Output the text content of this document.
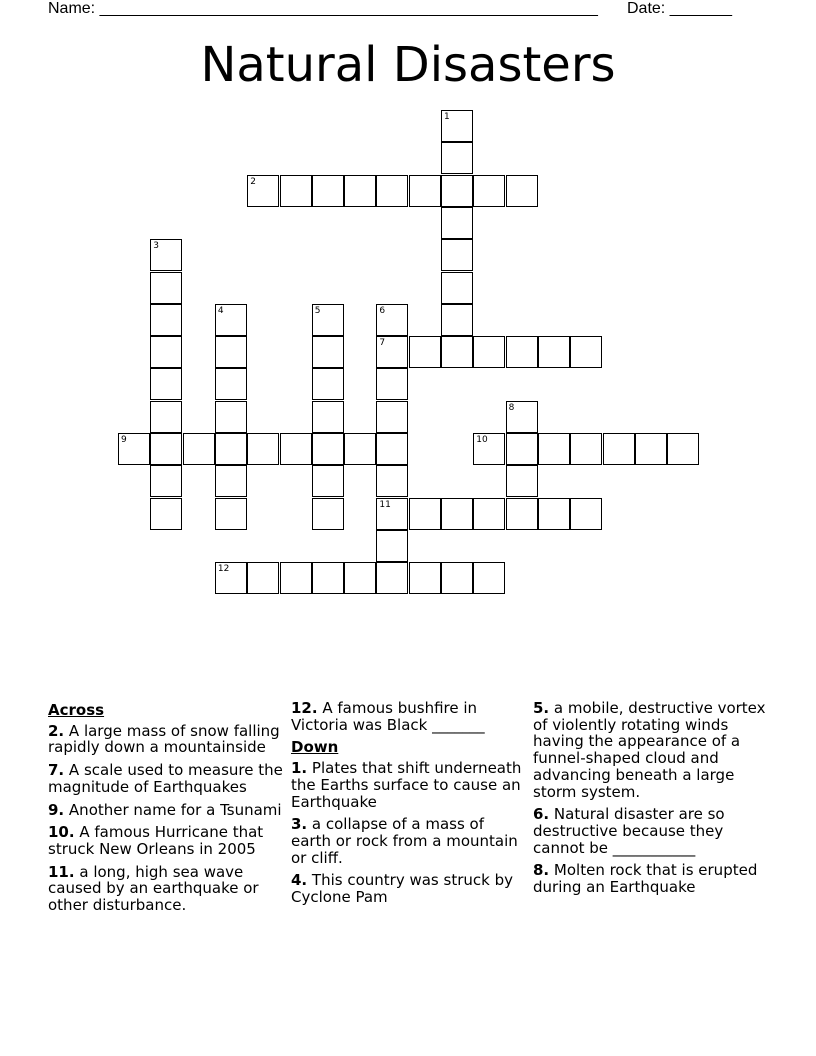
Name: ________________________________________________________ Date: _______
Natural Disasters
1
2
3
4	5	6
7
8
9	10
11
12
Across
2. A large mass of snow falling rapidly down a mountainside
7. A scale used to measure the magnitude of Earthquakes
9. Another name for a Tsunami
10. A famous Hurricane that struck New Orleans in 2005
11. a long, high sea wave caused by an earthquake or other disturbance.
12. A famous bushfire in Victoria was Black _______
Down
1. Plates that shift underneath the Earths surface to cause an Earthquake
3. a collapse of a mass of earth or rock from a mountain or cliff.
4. This country was struck by Cyclone Pam
5. a mobile, destructive vortex of violently rotating winds having the appearance of a funnel-shaped cloud and advancing beneath a large storm system.
6. Natural disaster are so destructive because they cannot be ___________
8. Molten rock that is erupted during an Earthquake
